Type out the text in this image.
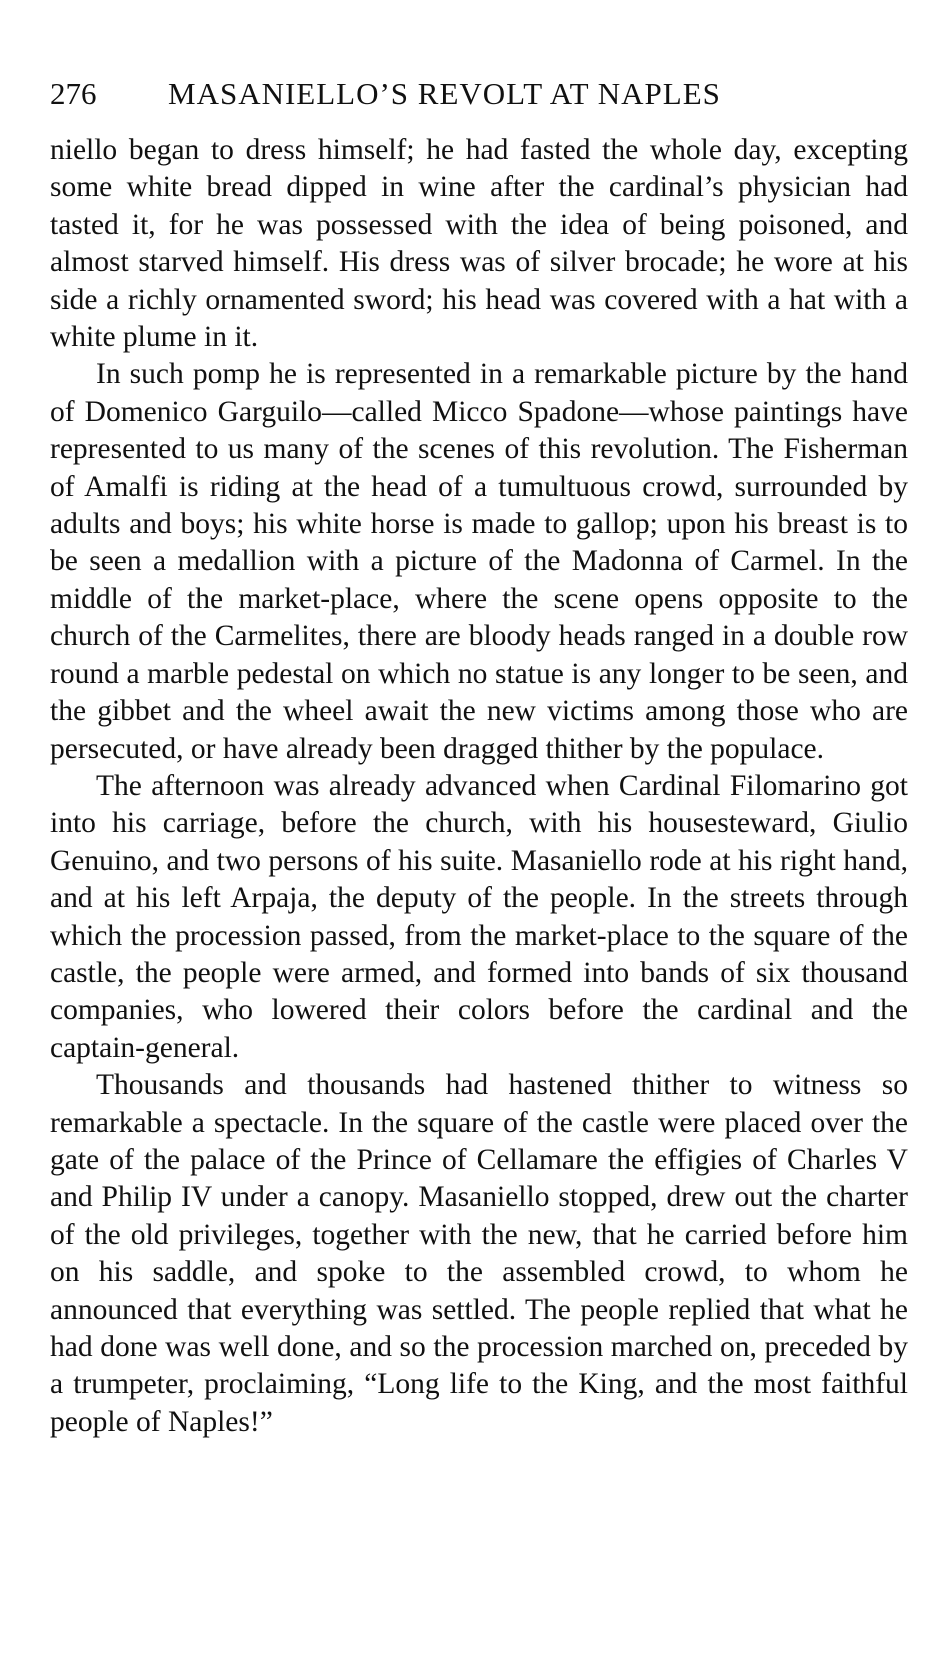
276	MASANIELLO’S REVOLT AT NAPLES

niello began to dress himself; he had fasted the whole day, excepting some white bread dipped in wine after the cardinal’s physician had tasted it, for he was possessed with the idea of being poisoned, and almost starved himself. His dress was of silver brocade; he wore at his side a richly ornamented sword; his head was covered with a hat with a white plume in it.

In such pomp he is represented in a remarkable picture by the hand of Domenico Garguilo—called Micco Spadone—whose paintings have represented to us many of the scenes of this revolution. The Fisherman of Amalfi is riding at the head of a tumultuous crowd, surrounded by adults and boys; his white horse is made to gallop; upon his breast is to be seen a medallion with a picture of the Madonna of Carmel. In the middle of the market-place, where the scene opens opposite to the church of the Carmelites, there are bloody heads ranged in a double row round a marble pedestal on which no statue is any longer to be seen, and the gibbet and the wheel await the new victims among those who are persecuted, or have already been dragged thither by the populace.

The afternoon was already advanced when Cardinal Filomarino got into his carriage, before the church, with his housesteward, Giulio Genuino, and two persons of his suite. Masaniello rode at his right hand, and at his left Arpaja, the deputy of the people. In the streets through which the procession passed, from the market-place to the square of the castle, the people were armed, and formed into bands of six thousand companies, who lowered their colors before the cardinal and the captain-general.

Thousands and thousands had hastened thither to witness so remarkable a spectacle. In the square of the castle were placed over the gate of the palace of the Prince of Cellamare the effigies of Charles V and Philip IV under a canopy. Masaniello stopped, drew out the charter of the old privileges, together with the new, that he carried before him on his saddle, and spoke to the assembled crowd, to whom he announced that everything was settled. The people replied that what he had done was well done, and so the procession marched on, preceded by a trumpeter, proclaiming, “Long life to the King, and the most faithful people of Naples!”
